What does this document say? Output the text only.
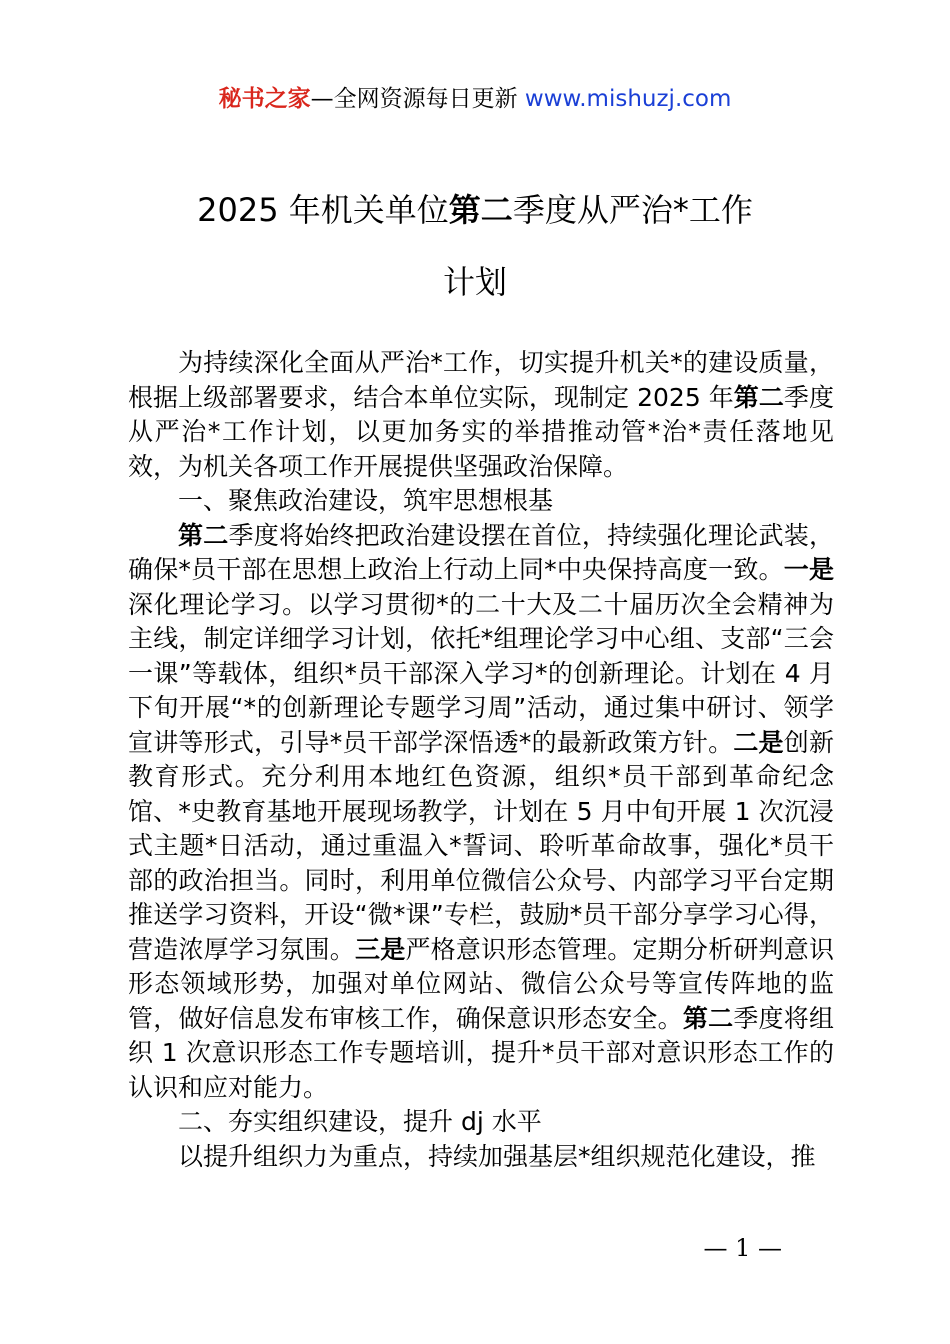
秘书之家—全网资源每日更新 www.mishuzj.com
2025 年机关单位第二季度从严治*工作
计划

为持续深化全面从严治*工作，切实提升机关*的建设质量，根据上级部署要求，结合本单位实际，现制定 2025 年第二季度从严治*工作计划，以更加务实的举措推动管*治*责任落地见效，为机关各项工作开展提供坚强政治保障。

一、聚焦政治建设，筑牢思想根基

第二季度将始终把政治建设摆在首位，持续强化理论武装，确保*员干部在思想上政治上行动上同*中央保持高度一致。一是深化理论学习。以学习贯彻*的二十大及二十届历次全会精神为主线，制定详细学习计划，依托*组理论学习中心组、支部“三会一课”等载体，组织*员干部深入学习*的创新理论。计划在 4 月下旬开展“*的创新理论专题学习周”活动，通过集中研讨、领学宣讲等形式，引导*员干部学深悟透*的最新政策方针。二是创新教育形式。充分利用本地红色资源，组织*员干部到革命纪念馆、*史教育基地开展现场教学，计划在 5 月中旬开展 1 次沉浸式主题*日活动，通过重温入*誓词、聆听革命故事，强化*员干部的政治担当。同时，利用单位微信公众号、内部学习平台定期推送学习资料，开设“微*课”专栏，鼓励*员干部分享学习心得，营造浓厚学习氛围。三是严格意识形态管理。定期分析研判意识形态领域形势，加强对单位网站、微信公众号等宣传阵地的监管，做好信息发布审核工作，确保意识形态安全。第二季度将组织 1 次意识形态工作专题培训，提升*员干部对意识形态工作的认识和应对能力。

二、夯实组织建设，提升 dj 水平

以提升组织力为重点，持续加强基层*组织规范化建设，推

— 1 —
